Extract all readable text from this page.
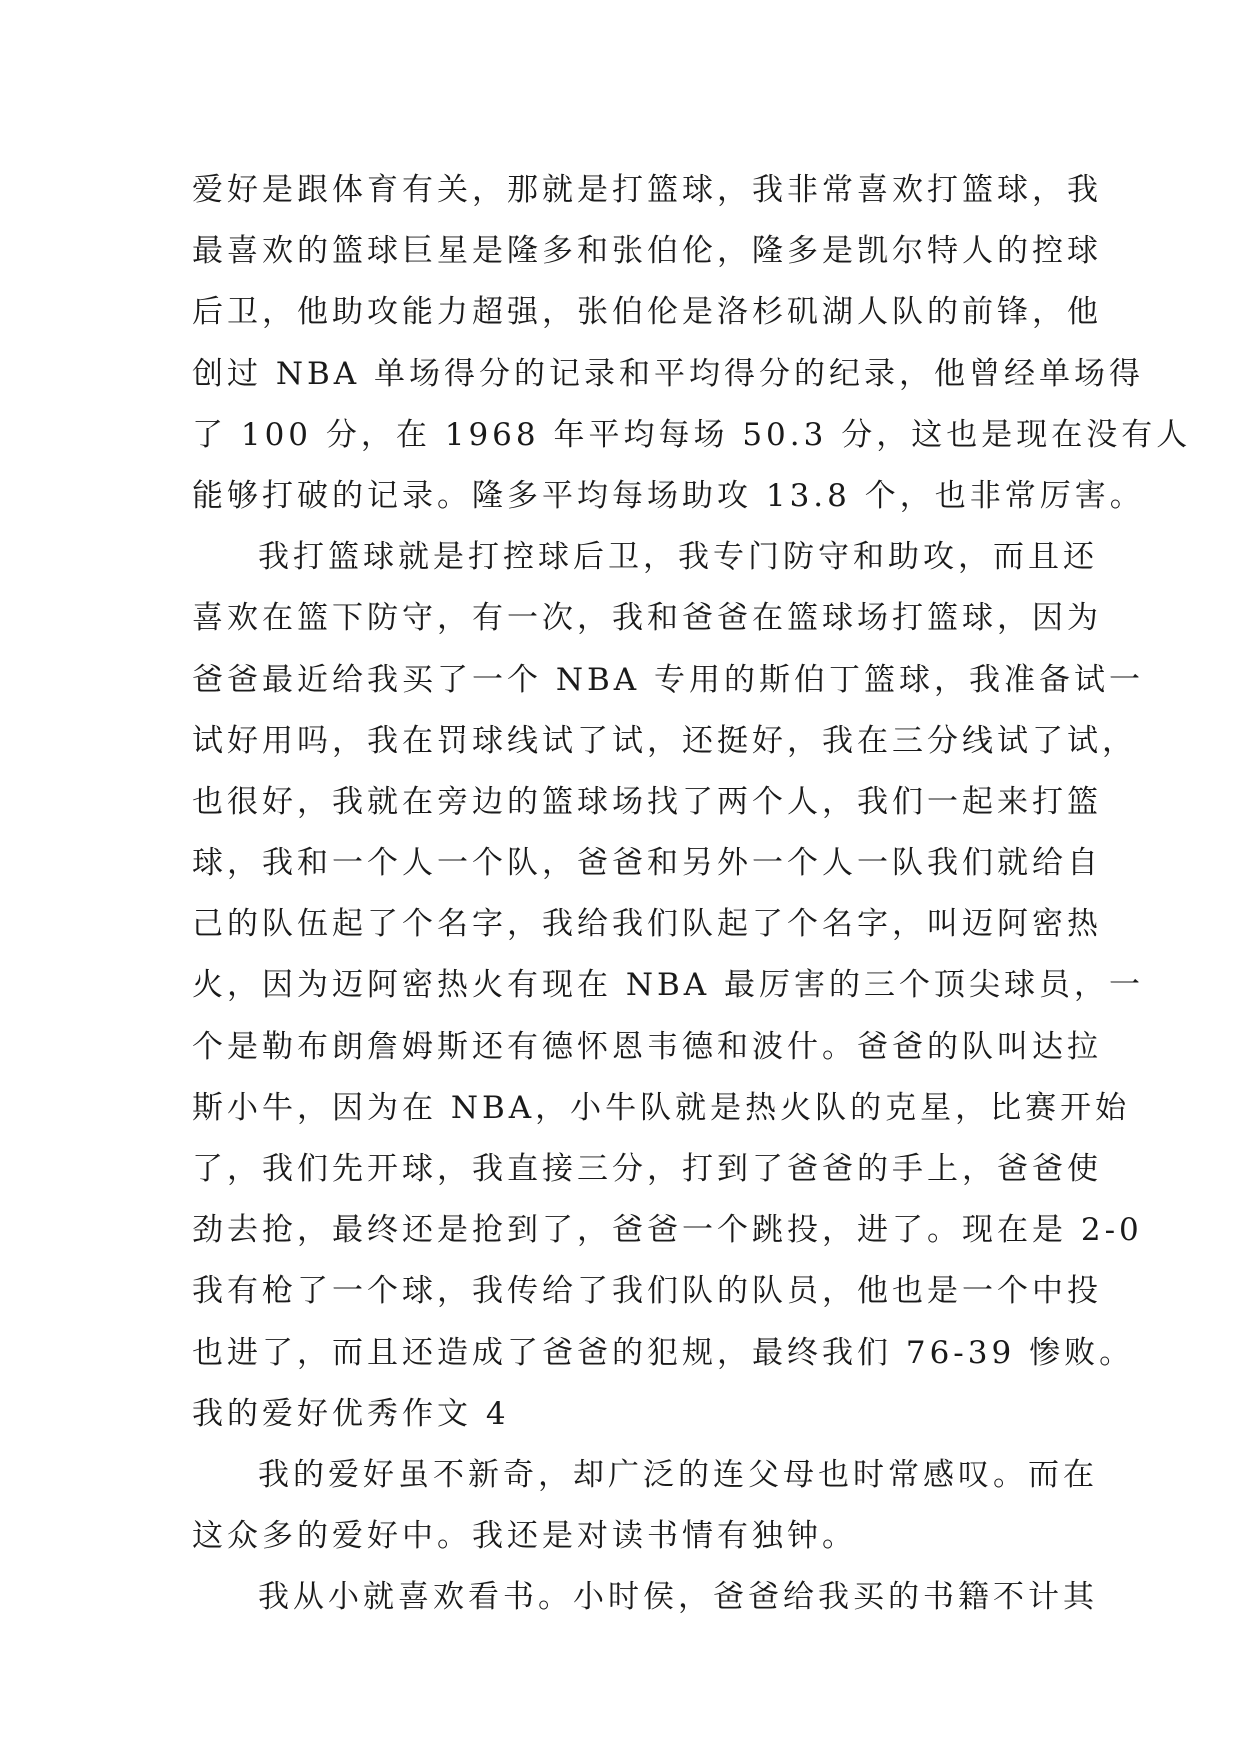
爱好是跟体育有关，那就是打篮球，我非常喜欢打篮球，我
最喜欢的篮球巨星是隆多和张伯伦，隆多是凯尔特人的控球
后卫，他助攻能力超强，张伯伦是洛杉矶湖人队的前锋，他
创过 NBA 单场得分的记录和平均得分的纪录，他曾经单场得
了 100 分，在 1968 年平均每场 50.3 分，这也是现在没有人
能够打破的记录。隆多平均每场助攻 13.8 个，也非常厉害。
我打篮球就是打控球后卫，我专门防守和助攻，而且还
喜欢在篮下防守，有一次，我和爸爸在篮球场打篮球，因为
爸爸最近给我买了一个 NBA 专用的斯伯丁篮球，我准备试一
试好用吗，我在罚球线试了试，还挺好，我在三分线试了试，
也很好，我就在旁边的篮球场找了两个人，我们一起来打篮
球，我和一个人一个队，爸爸和另外一个人一队我们就给自
己的队伍起了个名字，我给我们队起了个名字，叫迈阿密热
火，因为迈阿密热火有现在 NBA 最厉害的三个顶尖球员，一
个是勒布朗詹姆斯还有德怀恩韦德和波什。爸爸的队叫达拉
斯小牛，因为在 NBA，小牛队就是热火队的克星，比赛开始
了，我们先开球，我直接三分，打到了爸爸的手上，爸爸使
劲去抢，最终还是抢到了，爸爸一个跳投，进了。现在是 2-0
我有枪了一个球，我传给了我们队的队员，他也是一个中投
也进了，而且还造成了爸爸的犯规，最终我们 76-39 惨败。
我的爱好优秀作文 4
我的爱好虽不新奇，却广泛的连父母也时常感叹。而在
这众多的爱好中。我还是对读书情有独钟。
我从小就喜欢看书。小时侯，爸爸给我买的书籍不计其
